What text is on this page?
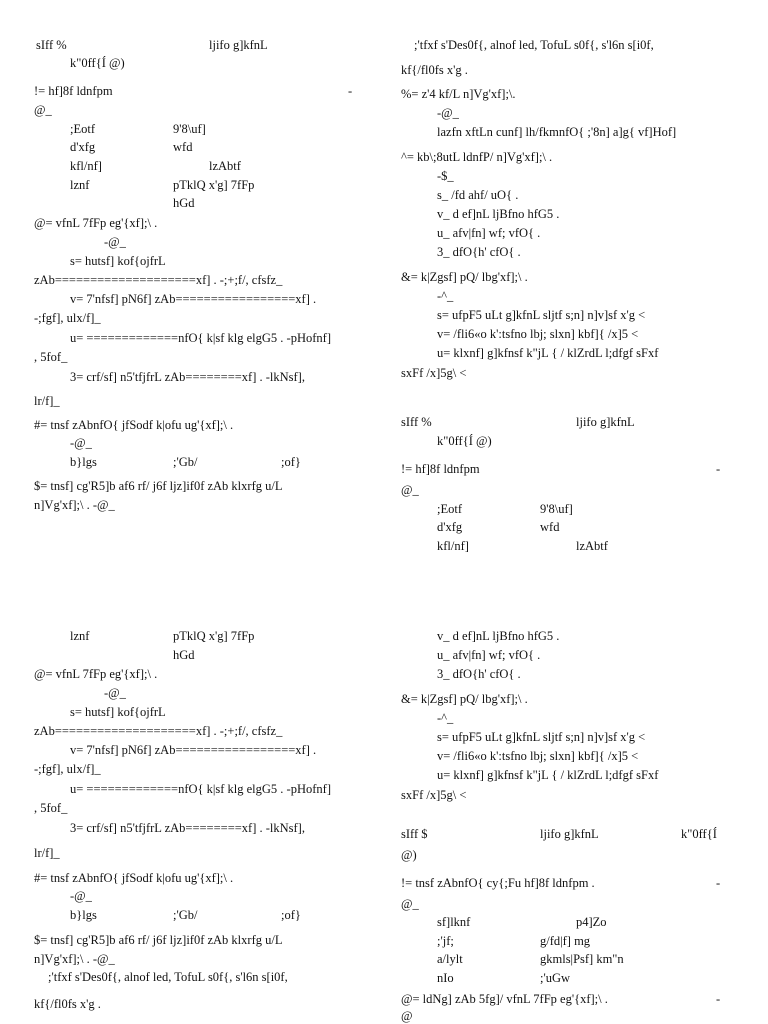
sIff %	ljifo g]kfnL
k"0ff{Í @)
!= hf]8f ldnfpm	-
@_
;Eotf	9'8\uf]
d'xfg	wfd
kfl/nf]	lzAbtf
lznf	pTklQ x'g] 7fFp
hGd
@= vfnL 7fFp eg'{xf];\ .
-@_
s= hutsf] kof{ojfrL
zAb====================xf] . -;+;f/, cfsfz_
v= 7'nfsf] pN6f] zAb=================xf] .
-;fgf], ulx/f]_
u= =============nfO{ k|sf klg elgG5 . -pHofnf]
, 5fof_
3= crf/sf] n5'tfjfrL zAb========xf] . -lkNsf],
lr/f]_
#= tnsf zAbnfO{ jfSodf k|ofu ug'{xf];\ .
-@_
b}lgs	;'Gb/	;of}
$= tnsf] cg'R5]b af6 rf/ j6f ljz]if0f zAb klxrfg u/L
n]Vg'xf];\ . -@_
;'tfxf s'Des0f{, alnof led, TofuL s0f{, s'l6n s[i0f,
kf{/fl0fs x'g .
%= z'4 kf/L n]Vg'xf];\.
-@_
lazfn xftLn cunf] lh/fkmnfO{ ;'8n] a]g{ vf]Hof]
^= kb\;8utL ldnfP/ n]Vg'xf];\ .
-$_
s_ /fd ahf/ uO{ .
v_ d ef]nL ljBfno hfG5 .
u_ afv|fn] wf; vfO{ .
3_ dfO{h' cfO{ .
&= k|Zgsf] pQ/ lbg'xf];\ .
-^_
s= ufpF5 uLt g]kfnL sljtf s;n] n]v]sf x'g <
v= /fli6«o k':tsfno lbj; slxn] kbf]{ /x]5 <
u= klxnf] g]kfnsf k"jL { / klZrdL l;dfgf sFxf
sxFf /x]5g\ <
sIff %	ljifo g]kfnL
k"0ff{Í @)
!= hf]8f ldnfpm	-
@_
;Eotf	9'8\uf]
d'xfg	wfd
kfl/nf]	lzAbtf
lznf	pTklQ x'g] 7fFp
hGd
@= vfnL 7fFp eg'{xf];\ .
-@_
s= hutsf] kof{ojfrL
zAb====================xf] . -;+;f/, cfsfz_
v= 7'nfsf] pN6f] zAb=================xf] .
-;fgf], ulx/f]_
u= =============nfO{ k|sf klg elgG5 . -pHofnf]
, 5fof_
3= crf/sf] n5'tfjfrL zAb========xf] . -lkNsf],
lr/f]_
#= tnsf zAbnfO{ jfSodf k|ofu ug'{xf];\ .
-@_
b}lgs	;'Gb/	;of}
$= tnsf] cg'R5]b af6 rf/ j6f ljz]if0f zAb klxrfg u/L
n]Vg'xf];\ . -@_
;'tfxf s'Des0f{, alnof led, TofuL s0f{, s'l6n s[i0f,
kf{/fl0fs x'g .
v_ d ef]nL ljBfno hfG5 .
u_ afv|fn] wf; vfO{ .
3_ dfO{h' cfO{ .
&= k|Zgsf] pQ/ lbg'xf];\ .
-^_
s= ufpF5 uLt g]kfnL sljtf s;n] n]v]sf x'g <
v= /fli6«o k':tsfno lbj; slxn] kbf]{ /x]5 <
u= klxnf] g]kfnsf k"jL { / klZrdL l;dfgf sFxf
sxFf /x]5g\ <
sIff $	ljifo g]kfnL	k"0ff{Í
@)
!= tnsf zAbnfO{ cy{;Fu hf]8f ldnfpm .	-
@_
sf]lknf	p4]Zo
;'jf;	g/fd|f] mg
a/lylt	gkmls|Psf] km"n
nIo	;'uGw
@= ldNg] zAb 5fg]/ vfnL 7fFp eg'{xf];\ .	-
@
